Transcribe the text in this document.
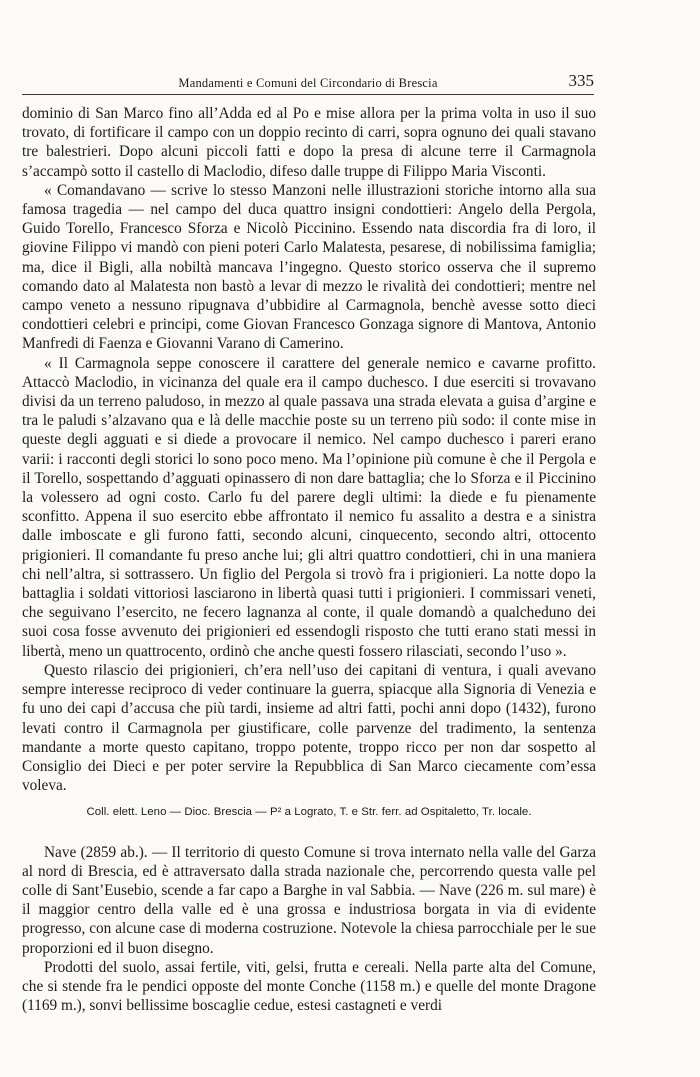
Mandamenti e Comuni del Circondario di Brescia	335

dominio di San Marco fino all’Adda ed al Po e mise allora per la prima volta in uso il suo trovato, di fortificare il campo con un doppio recinto di carri, sopra ognuno dei quali stavano tre balestrieri. Dopo alcuni piccoli fatti e dopo la presa di alcune terre il Carmagnola s’accampò sotto il castello di Maclodio, difeso dalle truppe di Filippo Maria Visconti.

« Comandavano — scrive lo stesso Manzoni nelle illustrazioni storiche intorno alla sua famosa tragedia — nel campo del duca quattro insigni condottieri: Angelo della Pergola, Guido Torello, Francesco Sforza e Nicolò Piccinino. Essendo nata discordia fra di loro, il giovine Filippo vi mandò con pieni poteri Carlo Malatesta, pesarese, di nobilissima famiglia; ma, dice il Bigli, alla nobiltà mancava l’ingegno. Questo storico osserva che il supremo comando dato al Malatesta non bastò a levar di mezzo le rivalità dei condottieri; mentre nel campo veneto a nessuno ripugnava d’ubbidire al Carmagnola, benchè avesse sotto dieci condottieri celebri e principi, come Giovan Francesco Gonzaga signore di Mantova, Antonio Manfredi di Faenza e Giovanni Varano di Camerino.

« Il Carmagnola seppe conoscere il carattere del generale nemico e cavarne profitto. Attaccò Maclodio, in vicinanza del quale era il campo duchesco. I due eserciti si trovavano divisi da un terreno paludoso, in mezzo al quale passava una strada elevata a guisa d’argine e tra le paludi s’alzavano qua e là delle macchie poste su un terreno più sodo: il conte mise in queste degli agguati e si diede a provocare il nemico. Nel campo duchesco i pareri erano varii: i racconti degli storici lo sono poco meno. Ma l’opinione più comune è che il Pergola e il Torello, sospettando d’agguati opinassero di non dare battaglia; che lo Sforza e il Piccinino la volessero ad ogni costo. Carlo fu del parere degli ultimi: la diede e fu pienamente sconfitto. Appena il suo esercito ebbe affrontato il nemico fu assalito a destra e a sinistra dalle imboscate e gli furono fatti, secondo alcuni, cinquecento, secondo altri, ottocento prigionieri. Il comandante fu preso anche lui; gli altri quattro condottieri, chi in una maniera chi nell’altra, si sottrassero. Un figlio del Pergola si trovò fra i prigionieri. La notte dopo la battaglia i soldati vittoriosi lasciarono in libertà quasi tutti i prigionieri. I commissari veneti, che seguivano l’esercito, ne fecero lagnanza al conte, il quale domandò a qualcheduno dei suoi cosa fosse avvenuto dei prigionieri ed essendogli risposto che tutti erano stati messi in libertà, meno un quattrocento, ordinò che anche questi fossero rilasciati, secondo l’uso ».

Questo rilascio dei prigionieri, ch’era nell’uso dei capitani di ventura, i quali avevano sempre interesse reciproco di veder continuare la guerra, spiacque alla Signoria di Venezia e fu uno dei capi d’accusa che più tardi, insieme ad altri fatti, pochi anni dopo (1432), furono levati contro il Carmagnola per giustificare, colle parvenze del tradimento, la sentenza mandante a morte questo capitano, troppo potente, troppo ricco per non dar sospetto al Consiglio dei Dieci e per poter servire la Repubblica di San Marco ciecamente com’essa voleva.

Coll. elett. Leno — Dioc. Brescia — P² a Lograto, T. e Str. ferr. ad Ospitaletto, Tr. locale.

Nave (2859 ab.). — Il territorio di questo Comune si trova internato nella valle del Garza al nord di Brescia, ed è attraversato dalla strada nazionale che, percorrendo questa valle pel colle di Sant’Eusebio, scende a far capo a Barghe in val Sabbia. — Nave (226 m. sul mare) è il maggior centro della valle ed è una grossa e industriosa borgata in via di evidente progresso, con alcune case di moderna costruzione. Notevole la chiesa parrocchiale per le sue proporzioni ed il buon disegno.

Prodotti del suolo, assai fertile, viti, gelsi, frutta e cereali. Nella parte alta del Comune, che si stende fra le pendici opposte del monte Conche (1158 m.) e quelle del monte Dragone (1169 m.), sonvi bellissime boscaglie cedue, estesi castagneti e verdi
